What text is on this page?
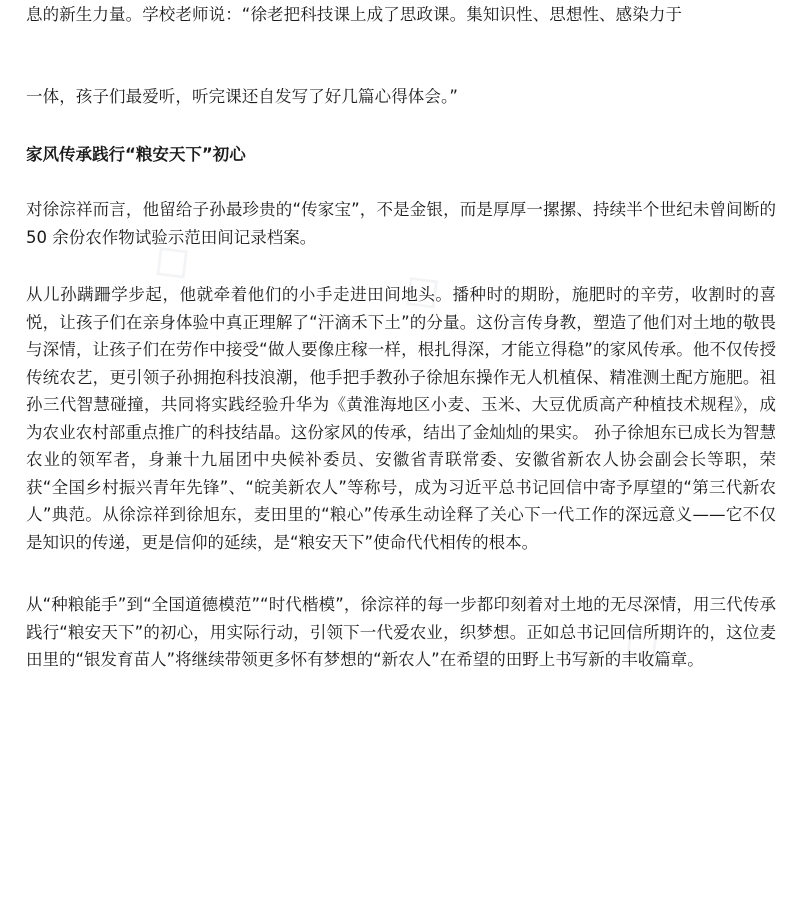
◇	◇
◇

息的新生力量。学校老师说：“徐老把科技课上成了思政课。集知识性、思想性、感染力于

一体，孩子们最爱听，听完课还自发写了好几篇心得体会。”

家风传承践行“粮安天下”初心

对徐淙祥而言，他留给子孙最珍贵的“传家宝”，不是金银，而是厚厚一摞摞、持续半个世纪未曾间断的 50 余份农作物试验示范田间记录档案。

从儿孙蹒跚学步起，他就牵着他们的小手走进田间地头。播种时的期盼，施肥时的辛劳，收割时的喜悦，让孩子们在亲身体验中真正理解了“汗滴禾下土”的分量。这份言传身教，塑造了他们对土地的敬畏与深情，让孩子们在劳作中接受“做人要像庄稼一样，根扎得深，才能立得稳”的家风传承。他不仅传授传统农艺，更引领子孙拥抱科技浪潮，他手把手教孙子徐旭东操作无人机植保、精准测土配方施肥。祖孙三代智慧碰撞，共同将实践经验升华为《黄淮海地区小麦、玉米、大豆优质高产种植技术规程》，成为农业农村部重点推广的科技结晶。这份家风的传承，结出了金灿灿的果实。 孙子徐旭东已成长为智慧农业的领军者，身兼十九届团中央候补委员、安徽省青联常委、安徽省新农人协会副会长等职，荣获“全国乡村振兴青年先锋”、“皖美新农人”等称号，成为习近平总书记回信中寄予厚望的“第三代新农人”典范。从徐淙祥到徐旭东，麦田里的“粮心”传承生动诠释了关心下一代工作的深远意义——它不仅是知识的传递，更是信仰的延续，是“粮安天下”使命代代相传的根本。

从“种粮能手”到“全国道德模范”“时代楷模”，徐淙祥的每一步都印刻着对土地的无尽深情，用三代传承践行“粮安天下”的初心，用实际行动，引领下一代爱农业，织梦想。正如总书记回信所期许的，这位麦田里的“银发育苗人”将继续带领更多怀有梦想的“新农人”在希望的田野上书写新的丰收篇章。
